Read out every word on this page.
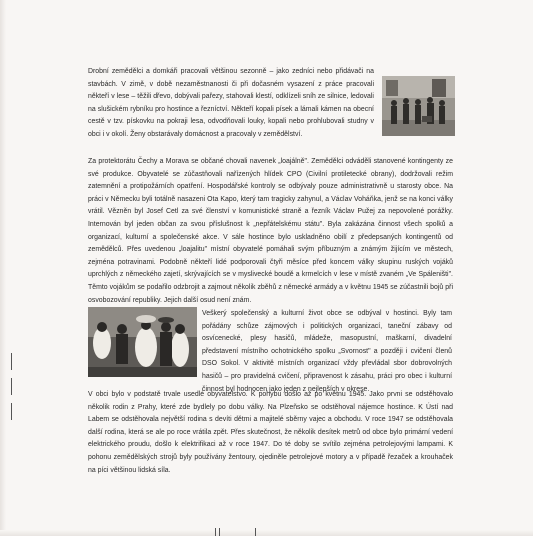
Drobní zemědělci a domkáři pracovali většinou sezonně – jako zedníci nebo přidávači na stavbách. V zimě, v době nezaměstnanosti či při dočasném vysazení z práce pracovali někteří v lese – těžili dřevo, dobývali pařezy, stahovali klestí, odklízeli sníh ze silnice, ledovali na slušickém rybníku pro hostince a řezníctví. Někteří kopali písek a lámali kámen na obecní cestě v tzv. pískovku na pokraji lesa, odvodňovali louky, kopali nebo prohlubovali studny v obci i v okolí. Ženy obstarávaly domácnost a pracovaly v zemědělství.

Za protektorátu Čechy a Morava se občané chovali navenek „loajálně". Zemědělci odváděli stanovené kontingenty ze své produkce. Obyvatelé se zúčastňovali nařízených hlídek CPO (Civilní protiletecké obrany), dodržovali režim zatemnění a protipožárních opatření. Hospodářské kontroly se odbývaly pouze administrativně u starosty obce. Na práci v Německu byli totálně nasazeni Ota Kapo, který tam tragicky zahynul, a Václav Voháňka, jenž se na konci války vrátil. Vězněn byl Josef Cetl za své členství v komunistické straně a řezník Václav Pužej za nepovolené porážky. Internován byl jeden občan za svou příslušnost k „nepřátelskému státu". Byla zakázána činnost všech spolků a organizací, kulturní a společenské akce. V sále hostince bylo uskladněno obilí z předepsaných kontingentů od zemědělců. Přes uvedenou „loajalitu" místní obyvatelé pomáhali svým příbuzným a známým žijícím ve městech, zejména potravinami. Podobně někteří lidé podporovali čtyři měsíce před koncem války skupinu ruských vojáků uprchlých z německého zajetí, skrývajících se v myslivecké boudě a krmelcích v lese v místě zvaném „Ve Spáleništi". Těmto vojákům se podařilo odzbrojit a zajmout několik zběhů z německé armády a v květnu 1945 se zúčastnili bojů při osvobozování republiky. Jejich další osud není znám.

Veškerý společenský a kulturní život obce se odbýval v hostinci. Byly tam pořádány schůze zájmových i politických organizací, taneční zábavy od osvícenecké, plesy hasičů, mládeže, masopustní, maškarní, divadelní představení místního ochotnického spolku „Svornost" a později i cvičení členů DSO Sokol. V aktivitě místních organizací vždy převládal sbor dobrovolných hasičů – pro pravidelná cvičení, připravenost k zásahu, práci pro obec i kulturní činnost byl hodnocen jako jeden z nejlepších v okrese.

V obci bylo v podstatě trvale usedlé obyvatelstvo. K pohybu došlo až po květnu 1945. Jako prvni se odstěhovalo několik rodin z Prahy, které zde bydlely po dobu války. Na Plzeňsko se odstěhoval nájemce hostince. K Ústí nad Labem se odstěhovala největší rodina s devíti dětmi a majitelé sběrny vajec a obchodu. V roce 1947 se odstěhovala další rodina, která se ale po roce vrátila zpět. Přes skutečnost, že několik desítek metrů od obce bylo primární vedení elektrického proudu, došlo k elektrifikaci až v roce 1947. Do té doby se svítilo zejména petrolejovými lampami. K pohonu zemědělských strojů byly používány žentoury, ojediněle petrolejové motory a v případě řezaček a krouhaček na píci většinou lidská síla.
